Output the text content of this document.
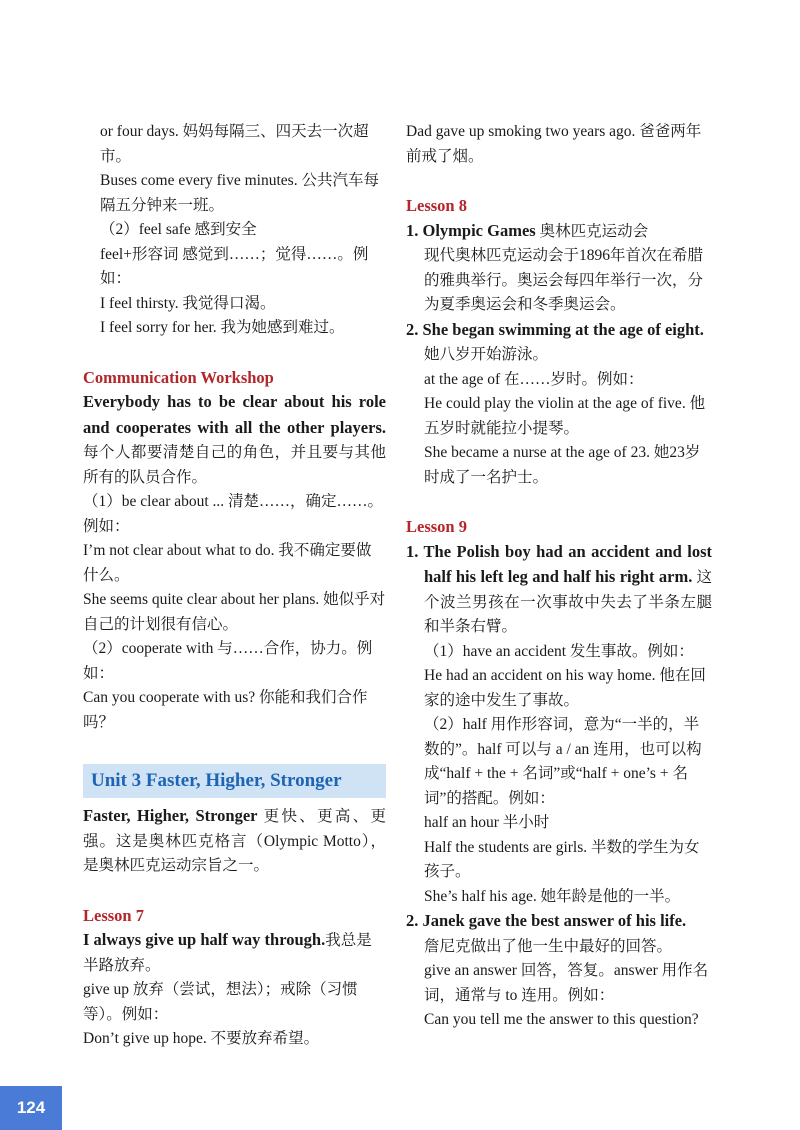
or four days. 妈妈每隔三、四天去一次超市。

Buses come every five minutes. 公共汽车每隔五分钟来一班。

（2）feel safe 感到安全

feel+形容词 感觉到……；觉得……。例如：

I feel thirsty. 我觉得口渴。

I feel sorry for her. 我为她感到难过。

Communication Workshop

Everybody has to be clear about his role and cooperates with all the other players. 每个人都要清楚自己的角色，并且要与其他所有的队员合作。

（1）be clear about ... 清楚……，确定……。例如：

I’m not clear about what to do. 我不确定要做什么。

She seems quite clear about her plans. 她似乎对自己的计划很有信心。

（2）cooperate with 与……合作，协力。例如：

Can you cooperate with us? 你能和我们合作吗？

Unit 3 Faster, Higher, Stronger

Faster, Higher, Stronger 更快、更高、更强。这是奥林匹克格言（Olympic Motto），是奥林匹克运动宗旨之一。

Lesson 7

I always give up half way through.我总是半路放弃。

give up 放弃（尝试，想法）；戒除（习惯等）。例如：

Don’t give up hope. 不要放弃希望。

Dad gave up smoking two years ago. 爸爸两年前戒了烟。

Lesson 8

1. Olympic Games 奥林匹克运动会

现代奥林匹克运动会于1896年首次在希腊的雅典举行。奥运会每四年举行一次，分为夏季奥运会和冬季奥运会。

2. She began swimming at the age of eight. 她八岁开始游泳。

at the age of 在……岁时。例如：

He could play the violin at the age of five. 他五岁时就能拉小提琴。

She became a nurse at the age of 23. 她23岁时成了一名护士。

Lesson 9

1. The Polish boy had an accident and lost half his left leg and half his right arm. 这个波兰男孩在一次事故中失去了半条左腿和半条右臂。

（1）have an accident 发生事故。例如：

He had an accident on his way home. 他在回家的途中发生了事故。

（2）half 用作形容词，意为“一半的，半数的”。half 可以与 a / an 连用，也可以构成“half + the + 名词”或“half + one’s + 名词”的搭配。例如：

half an hour 半小时

Half the students are girls. 半数的学生为女孩子。

She’s half his age. 她年龄是他的一半。

2. Janek gave the best answer of his life.

詹尼克做出了他一生中最好的回答。

give an answer 回答，答复。answer 用作名词，通常与 to 连用。例如：

Can you tell me the answer to this question?

124
